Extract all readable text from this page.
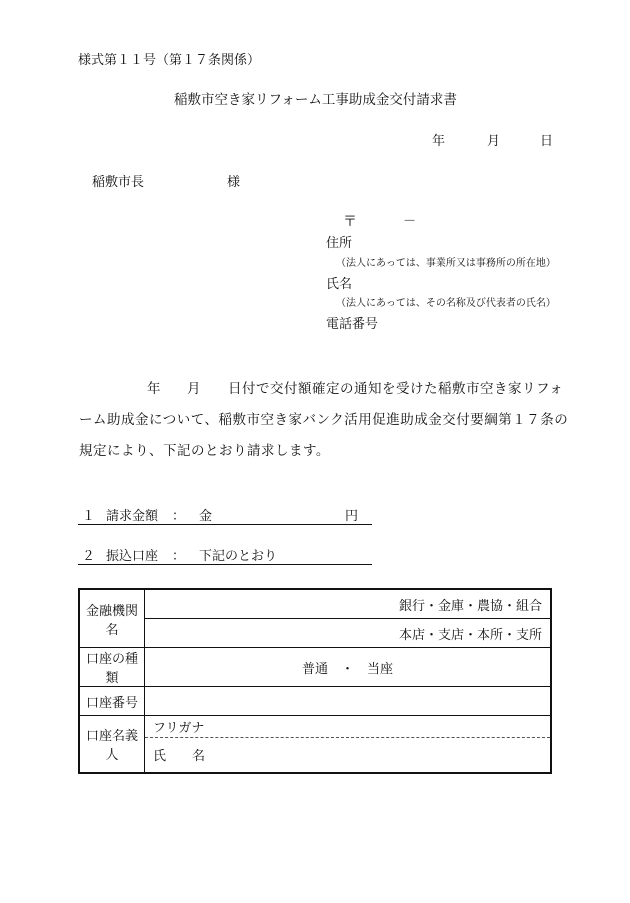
様式第１１号（第１７条関係）
稲敷市空き家リフォーム工事助成金交付請求書
年	月	日
稲敷市長	様
〒	－
住所
（法人にあっては、事業所又は事務所の所在地）
氏名
（法人にあっては、その名称及び代表者の氏名）
電話番号
年 月 日付で交付額確定の通知を受けた稲敷市空き家リフォ
ーム助成金について、稲敷市空き家バンク活用促進助成金交付要綱第１７条の
規定により、下記のとおり請求します。
１ 請求金額 ： 金	円
２ 振込口座 ： 下記のとおり
金融機関名	銀行・金庫・農協・組合
	本店・支店・本所・支所
口座の種類	普通　・　当座
口座番号	
口座名義人	フリガナ
氏　　名
